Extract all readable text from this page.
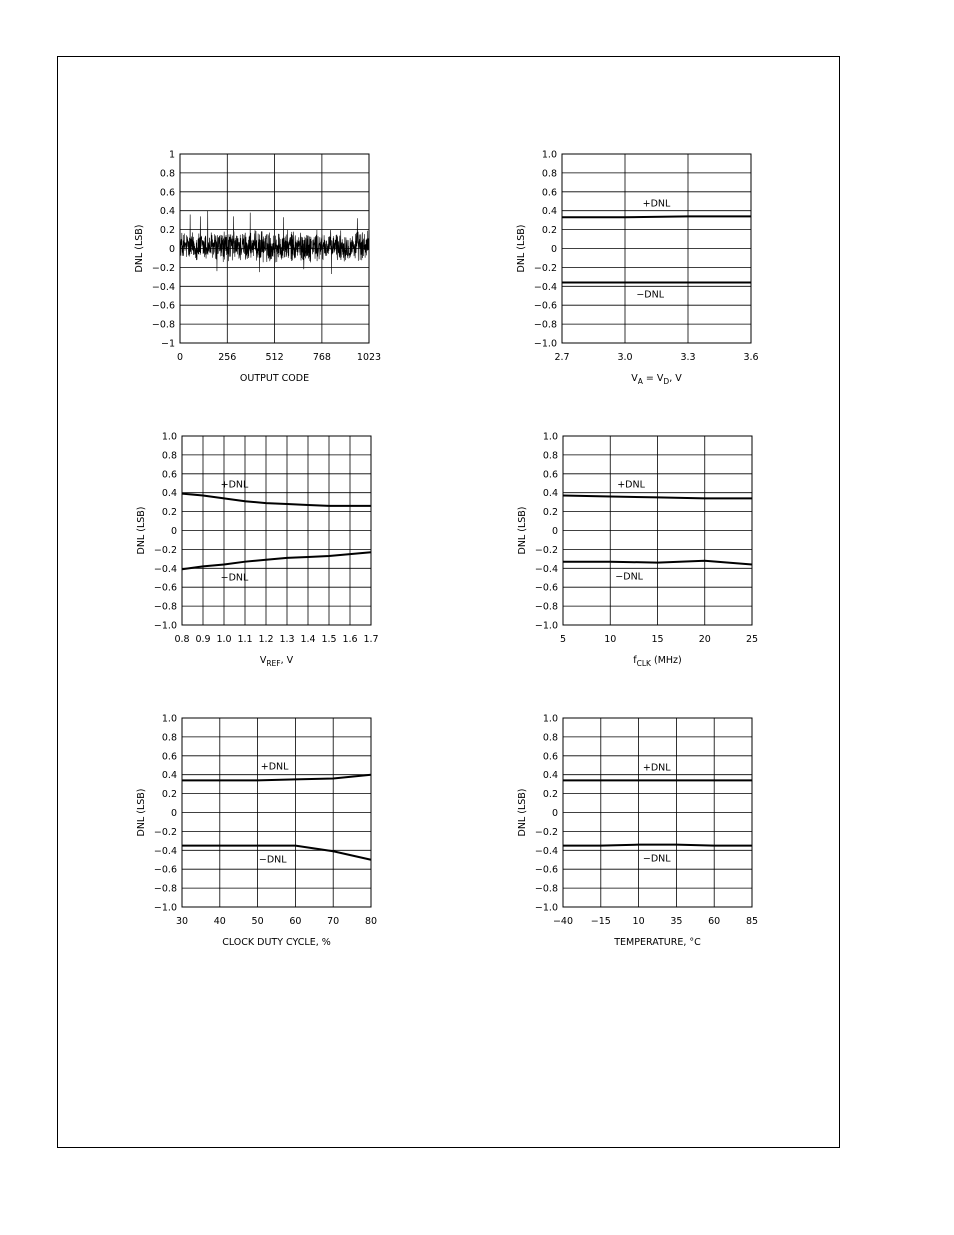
−1
−0.8
−0.6
−0.4
−0.2
0
0.2
0.4
0.6
0.8
1
0	256	512	768	1023
DNL (LSB)
OUTPUT CODE
−1.0
−0.8
−0.6
−0.4
−0.2
0
0.2
0.4
0.6
0.8
1.0
2.7	3.0	3.3	3.6
DNL (LSB)
$V_A = V_D$, V
+DNL
−DNL
−1.0
−0.8
−0.6
−0.4
−0.2
0
0.2
0.4
0.6
0.8
1.0
0.8 0.9 1.0 1.1 1.2 1.3 1.4 1.5 1.6 1.7
DNL (LSB)
$V_{REF}$, V
+DNL
−DNL
−1.0
−0.8
−0.6
−0.4
−0.2
0
0.2
0.4
0.6
0.8
1.0
5	10	15	20	25
DNL (LSB)
$f_{CLK}$ (MHz)
+DNL
−DNL
−1.0
−0.8
−0.6
−0.4
−0.2
0
0.2
0.4
0.6
0.8
1.0
30	40	50	60	70	80
DNL (LSB)
CLOCK DUTY CYCLE, %
+DNL
−DNL
−1.0
−0.8
−0.6
−0.4
−0.2
0
0.2
0.4
0.6
0.8
1.0
−40 −15 10	35	60	85
DNL (LSB)
TEMPERATURE, °C
+DNL
−DNL
